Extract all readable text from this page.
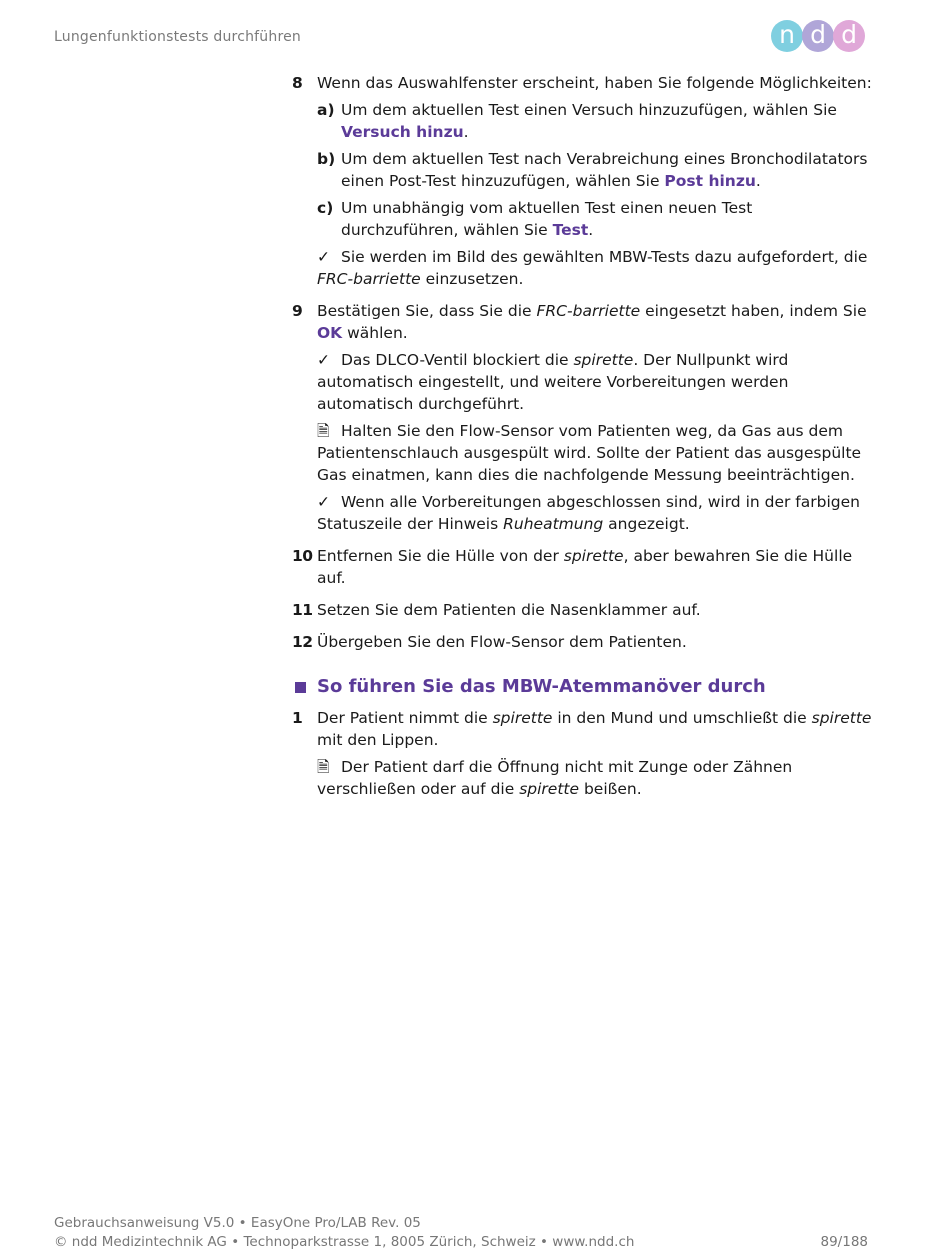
Lungenfunktionstests durchführen	n d d
8 Wenn das Auswahlfenster erscheint, haben Sie folgende Möglichkeiten:

a) Um dem aktuellen Test einen Versuch hinzuzufügen, wählen Sie Versuch hinzu.
b) Um dem aktuellen Test nach Verabreichung eines Bronchodilatators einen Post-Test hinzuzufügen, wählen Sie Post hinzu.
c) Um unabhängig vom aktuellen Test einen neuen Test durchzuführen, wählen Sie Test.

✓ Sie werden im Bild des gewählten MBW-Tests dazu aufgefordert, die FRC-barriette einzusetzen.

9 Bestätigen Sie, dass Sie die FRC-barriette eingesetzt haben, indem Sie OK wählen.

✓ Das DLCO-Ventil blockiert die spirette. Der Nullpunkt wird automatisch eingestellt, und weitere Vorbereitungen werden automatisch durchgeführt.

🗎 Halten Sie den Flow-Sensor vom Patienten weg, da Gas aus dem Patientenschlauch ausgespült wird. Sollte der Patient das ausgespülte Gas einatmen, kann dies die nachfolgende Messung beeinträchtigen.

✓ Wenn alle Vorbereitungen abgeschlossen sind, wird in der farbigen Statuszeile der Hinweis Ruheatmung angezeigt.

10 Entfernen Sie die Hülle von der spirette, aber bewahren Sie die Hülle auf.

11 Setzen Sie dem Patienten die Nasenklammer auf.

12 Übergeben Sie den Flow-Sensor dem Patienten.

So führen Sie das MBW-Atemmanöver durch
1 Der Patient nimmt die spirette in den Mund und umschließt die spirette mit den Lippen.

🗎 Der Patient darf die Öffnung nicht mit Zunge oder Zähnen verschließen oder auf die spirette beißen.

Gebrauchsanweisung V5.0 • EasyOne Pro/LAB Rev. 05
© ndd Medizintechnik AG • Technoparkstrasse 1, 8005 Zürich, Schweiz • www.ndd.ch	89/188
